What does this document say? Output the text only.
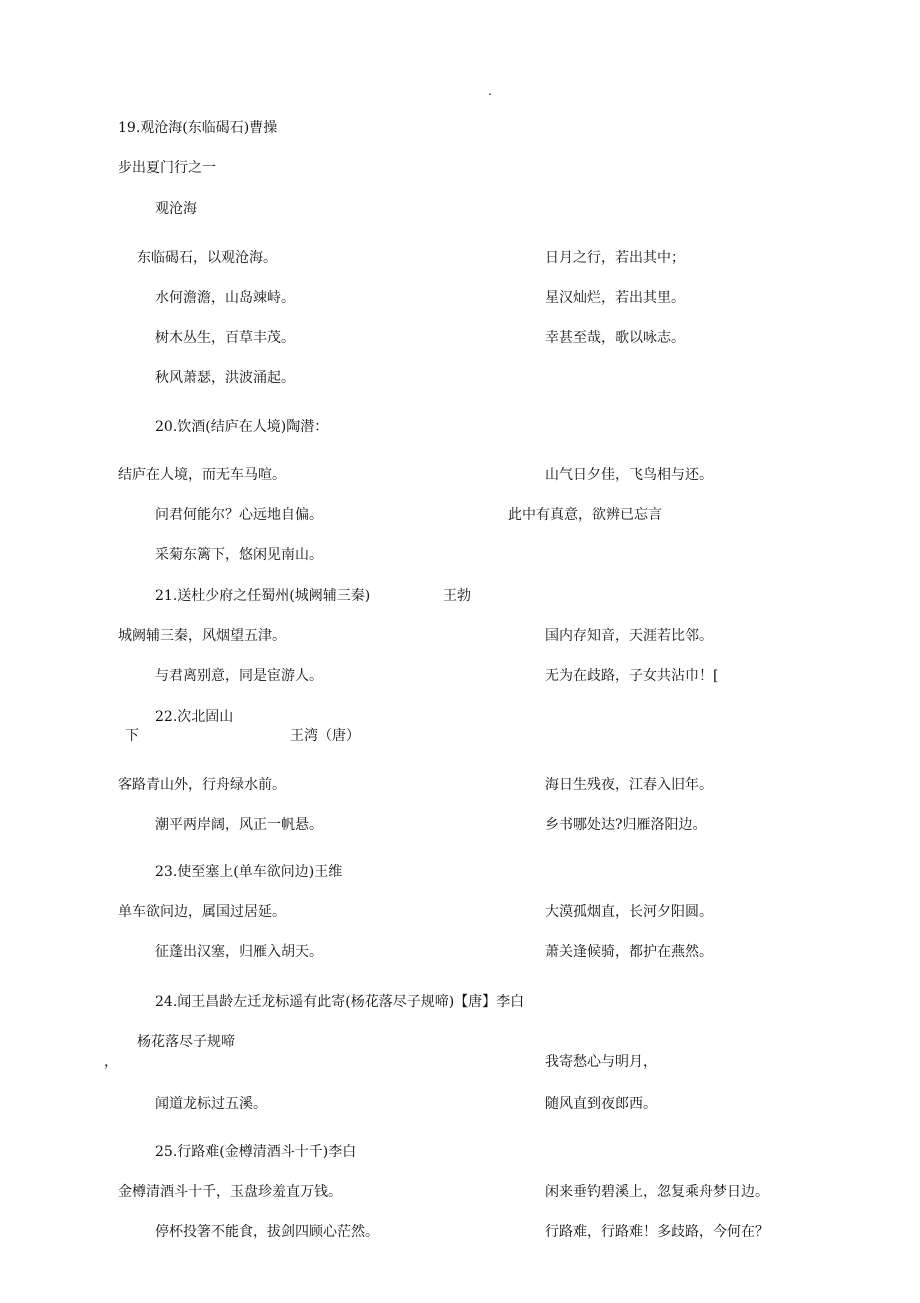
.
19.观沧海(东临碣石)曹操
步出夏门行之一
观沧海
东临碣石，以观沧海。
水何澹澹，山岛竦峙。
树木丛生，百草丰茂。
秋风萧瑟，洪波涌起。
日月之行，若出其中；
星汉灿烂，若出其里。
幸甚至哉，歌以咏志。
20.饮酒(结庐在人境)陶潜：
结庐在人境，而无车马喧。
问君何能尔？心远地自偏。
采菊东篱下，悠闲见南山。
山气日夕佳，飞鸟相与还。
此中有真意，欲辨已忘言
21.送杜少府之任蜀州(城阙辅三秦)	王勃
城阙辅三秦，风烟望五津。
与君离别意，同是宦游人。
国内存知音，天涯若比邻。
无为在歧路，子女共沾巾！[
22.次北固山
下	王湾（唐）
客路青山外，行舟绿水前。
潮平两岸阔，风正一帆悬。
海日生残夜，江春入旧年。
乡书哪处达?归雁洛阳边。
23.使至塞上(单车欲问边)王维
单车欲问边，属国过居延。
征蓬出汉塞，归雁入胡天。
大漠孤烟直，长河夕阳圆。
萧关逢候骑，都护在燕然。
24.闻王昌龄左迁龙标遥有此寄(杨花落尽子规啼)【唐】李白
杨花落尽子规啼
，
闻道龙标过五溪。
我寄愁心与明月，
随风直到夜郎西。
25.行路难(金樽清酒斗十千)李白
金樽清酒斗十千，玉盘珍羞直万钱。
停杯投箸不能食，拔剑四顾心茫然。
闲来垂钓碧溪上，忽复乘舟梦日边。
行路难，行路难！多歧路，今何在？
